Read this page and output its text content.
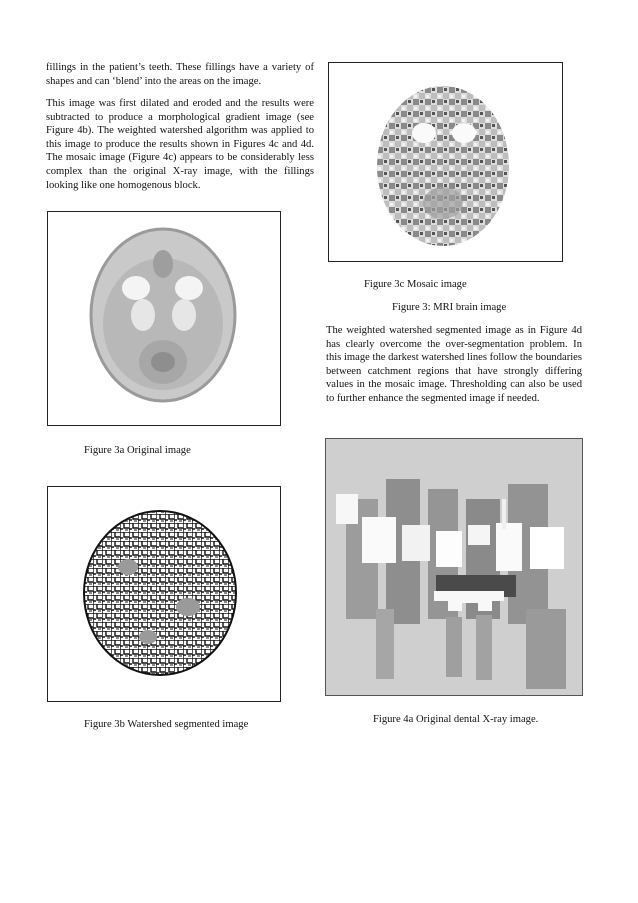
fillings in the patient’s teeth. These fillings have a variety of shapes and can ‘blend’ into the areas on the image.

This image was first dilated and eroded and the results were subtracted to produce a morphological gradient image (see Figure 4b). The weighted watershed algorithm was applied to this image to produce the results shown in Figures 4c and 4d. The mosaic image (Figure 4c) appears to be considerably less complex than the original X-ray image, with the fillings looking like one homogenous block.

Figure 3a Original image
Figure 3b Watershed segmented image
Figure 3c Mosaic image
Figure 3: MRI brain image

The weighted watershed segmented image as in Figure 4d has clearly overcome the over-segmentation problem. In this image the darkest watershed lines follow the boundaries between catchment regions that have strongly differing values in the mosaic image. Thresholding can also be used to further enhance the segmented image if needed.

Figure 4a Original dental X-ray image.
